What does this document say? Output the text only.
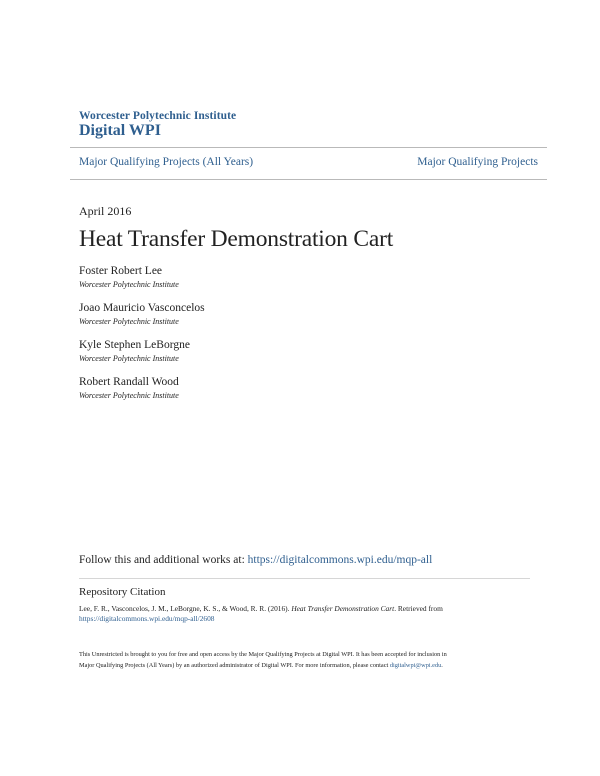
Worcester Polytechnic Institute
Digital WPI
Major Qualifying Projects (All Years)	Major Qualifying Projects
April 2016
Heat Transfer Demonstration Cart
Foster Robert Lee
Worcester Polytechnic Institute
Joao Mauricio Vasconcelos
Worcester Polytechnic Institute
Kyle Stephen LeBorgne
Worcester Polytechnic Institute
Robert Randall Wood
Worcester Polytechnic Institute
Follow this and additional works at: https://digitalcommons.wpi.edu/mqp-all
Repository Citation
Lee, F. R., Vasconcelos, J. M., LeBorgne, K. S., & Wood, R. R. (2016). Heat Transfer Demonstration Cart. Retrieved from
https://digitalcommons.wpi.edu/mqp-all/2608
This Unrestricted is brought to you for free and open access by the Major Qualifying Projects at Digital WPI. It has been accepted for inclusion in
Major Qualifying Projects (All Years) by an authorized administrator of Digital WPI. For more information, please contact digitalwpi@wpi.edu.
